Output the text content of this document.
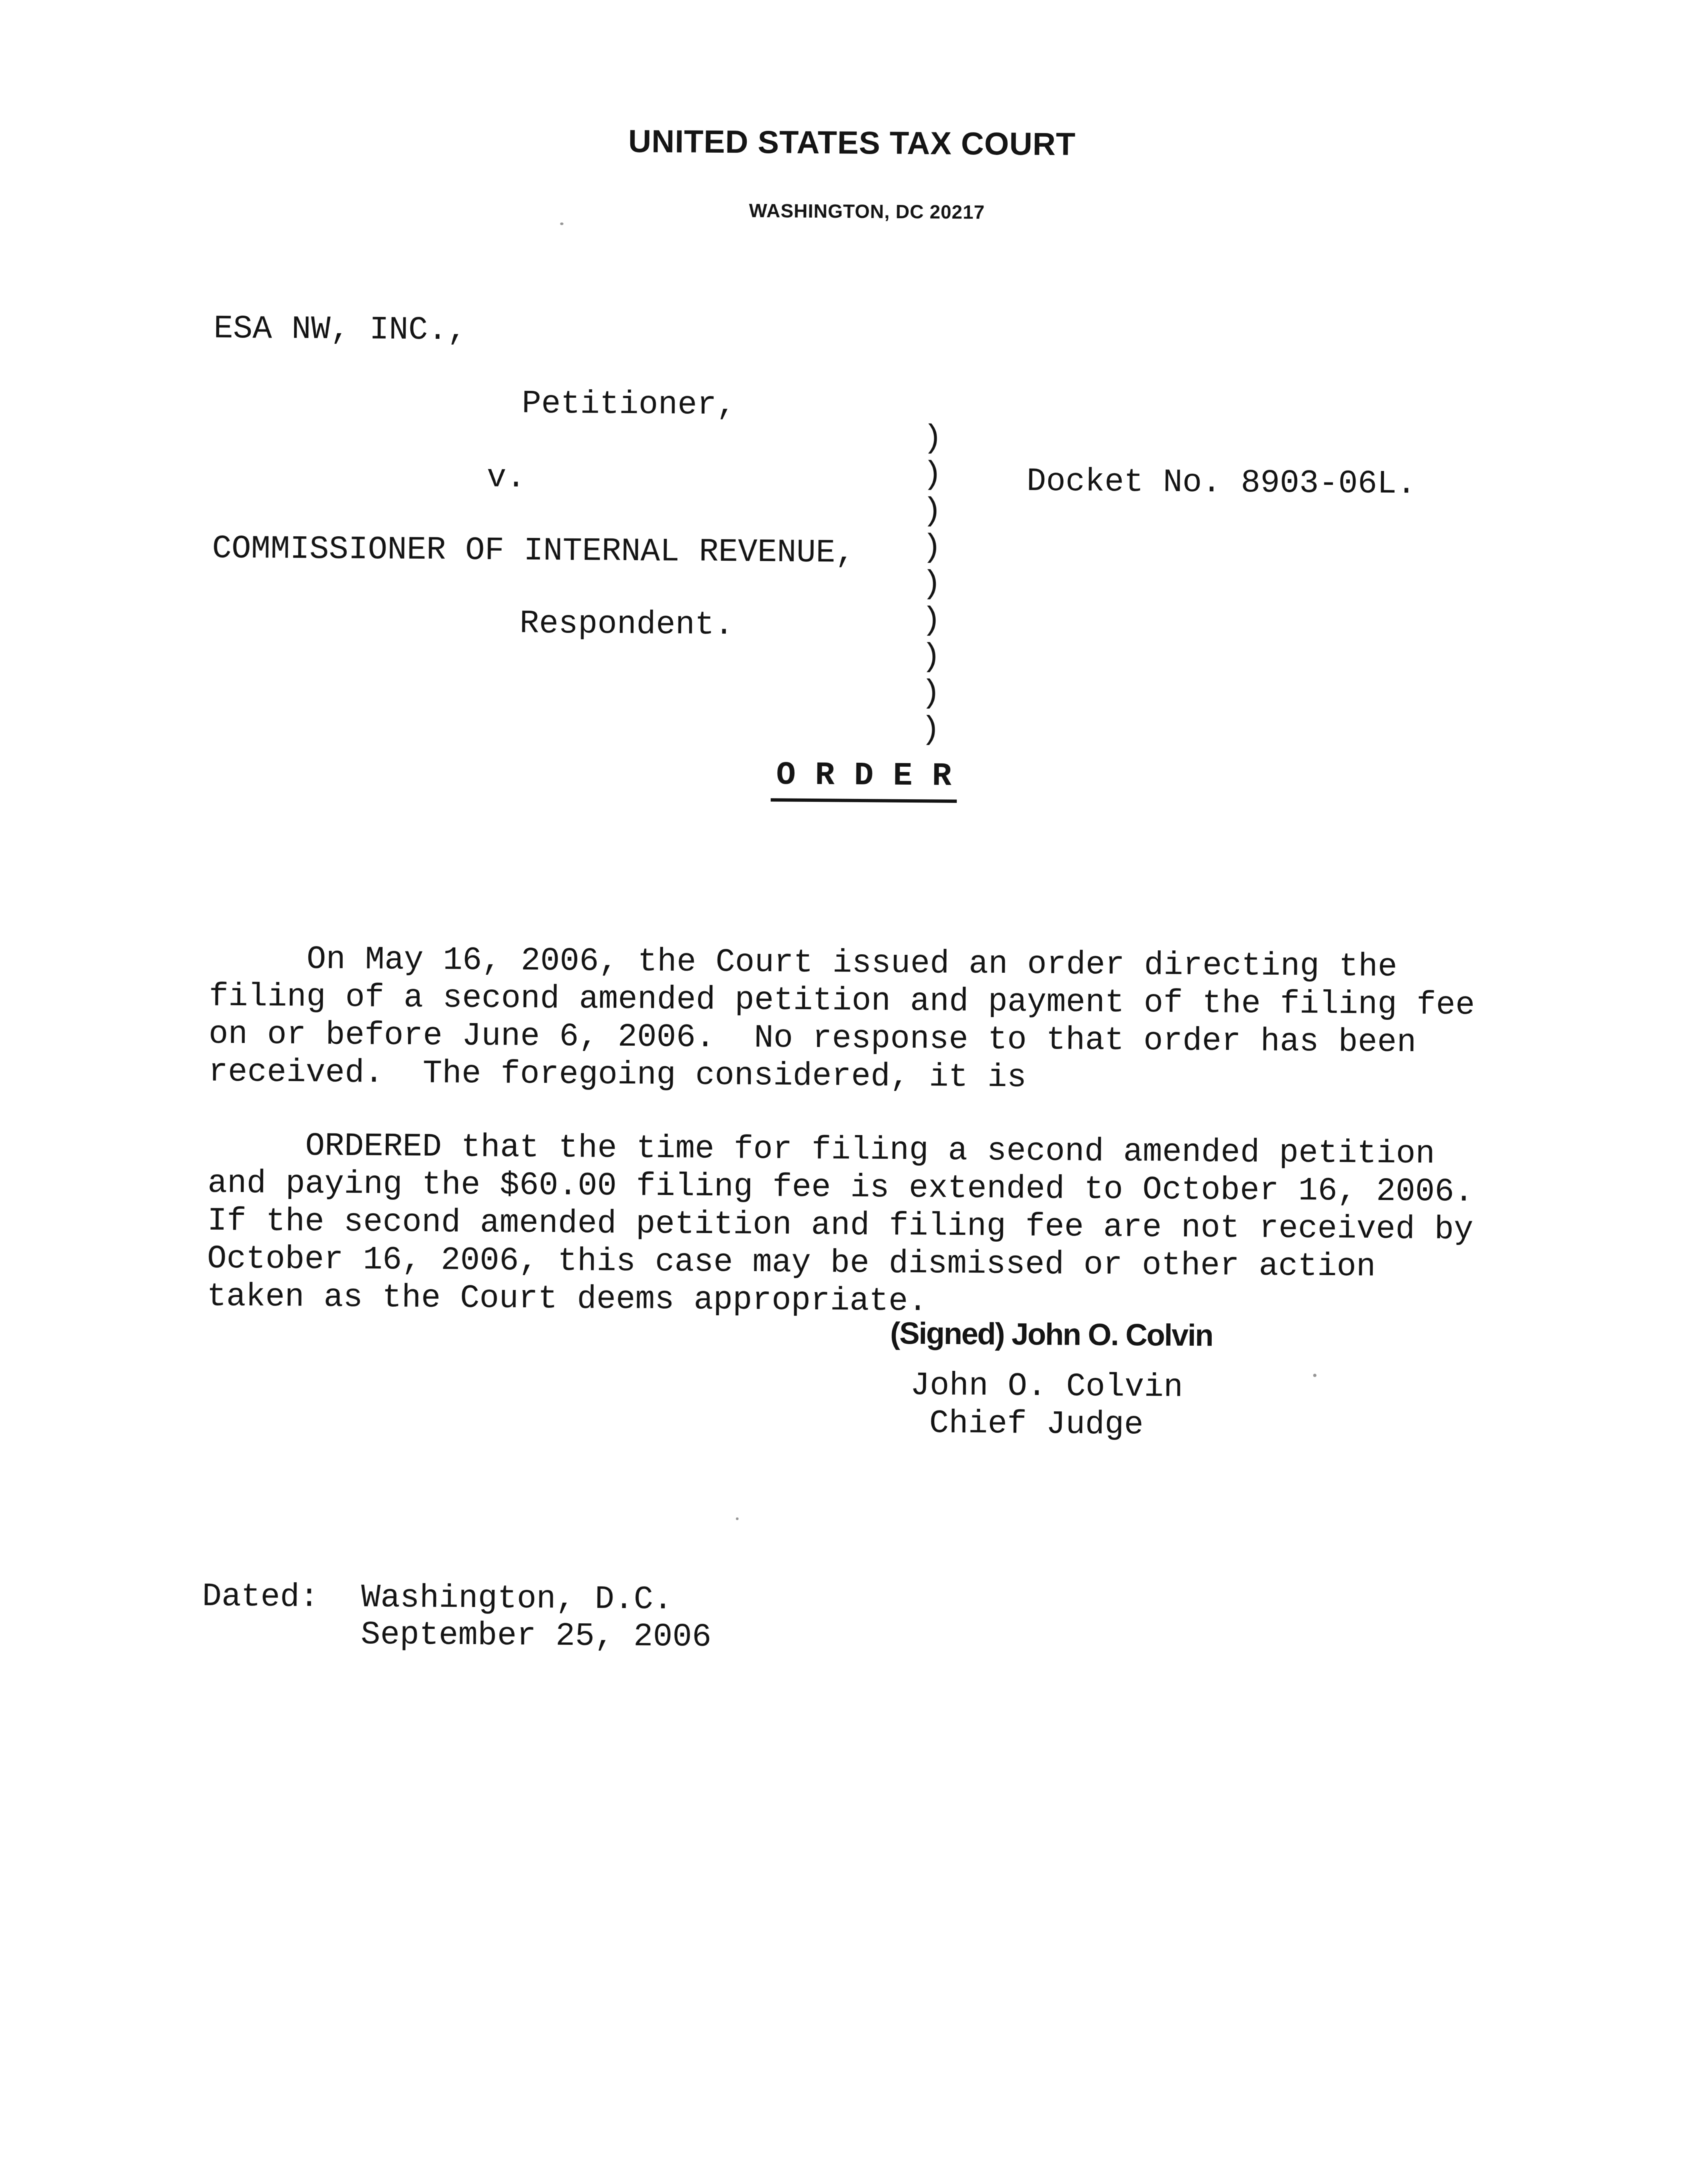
UNITED STATES TAX COURT
WASHINGTON, DC 20217
ESA NW, INC.,
Petitioner,
v.
COMMISSIONER OF INTERNAL REVENUE,
Respondent.

)
)
)
)
)
)
)
)
)
Docket No. 8903-06L.
O R D E R

On May 16, 2006, the Court issued an order directing the
filing of a second amended petition and payment of the filing fee
on or before June 6, 2006.  No response to that order has been
received.  The foregoing considered, it is

ORDERED that the time for filing a second amended petition
and paying the $60.00 filing fee is extended to October 16, 2006.
If the second amended petition and filing fee are not received by
October 16, 2006, this case may be dismissed or other action
taken as the Court deems appropriate.
(Signed) John O. Colvin
John O. Colvin
Chief Judge
Dated: Washington, D.C.
September 25, 2006
